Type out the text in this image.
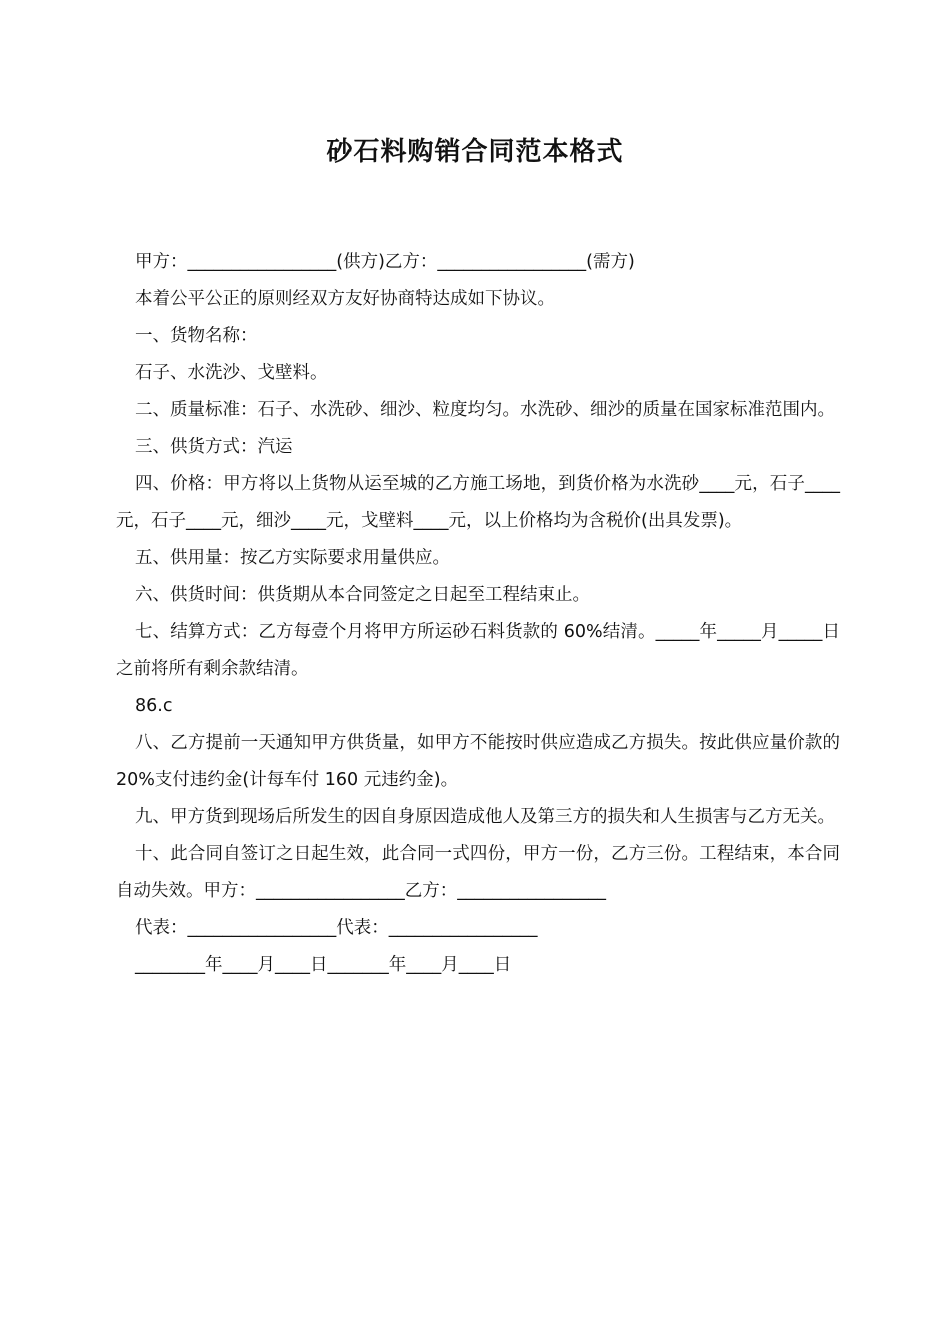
砂石料购销合同范本格式

甲方：_________________(供方)乙方：_________________(需方)

本着公平公正的原则经双方友好协商特达成如下协议。

一、货物名称：

石子、水洗沙、戈壁料。

二、质量标准：石子、水洗砂、细沙、粒度均匀。水洗砂、细沙的质量在国家标准范围内。

三、供货方式：汽运

四、价格：甲方将以上货物从运至城的乙方施工场地，到货价格为水洗砂____元，石子____元，石子____元，细沙____元，戈壁料____元，以上价格均为含税价(出具发票)。

五、供用量：按乙方实际要求用量供应。

六、供货时间：供货期从本合同签定之日起至工程结束止。

七、结算方式：乙方每壹个月将甲方所运砂石料货款的 60%结清。_____年_____月_____日之前将所有剩余款结清。

86.c

八、乙方提前一天通知甲方供货量，如甲方不能按时供应造成乙方损失。按此供应量价款的 20%支付违约金(计每车付 160 元违约金)。

九、甲方货到现场后所发生的因自身原因造成他人及第三方的损失和人生损害与乙方无关。

十、此合同自签订之日起生效，此合同一式四份，甲方一份，乙方三份。工程结束，本合同自动失效。甲方：_________________乙方：_________________

代表：_________________代表：_________________

________年____月____日_______年____月____日
